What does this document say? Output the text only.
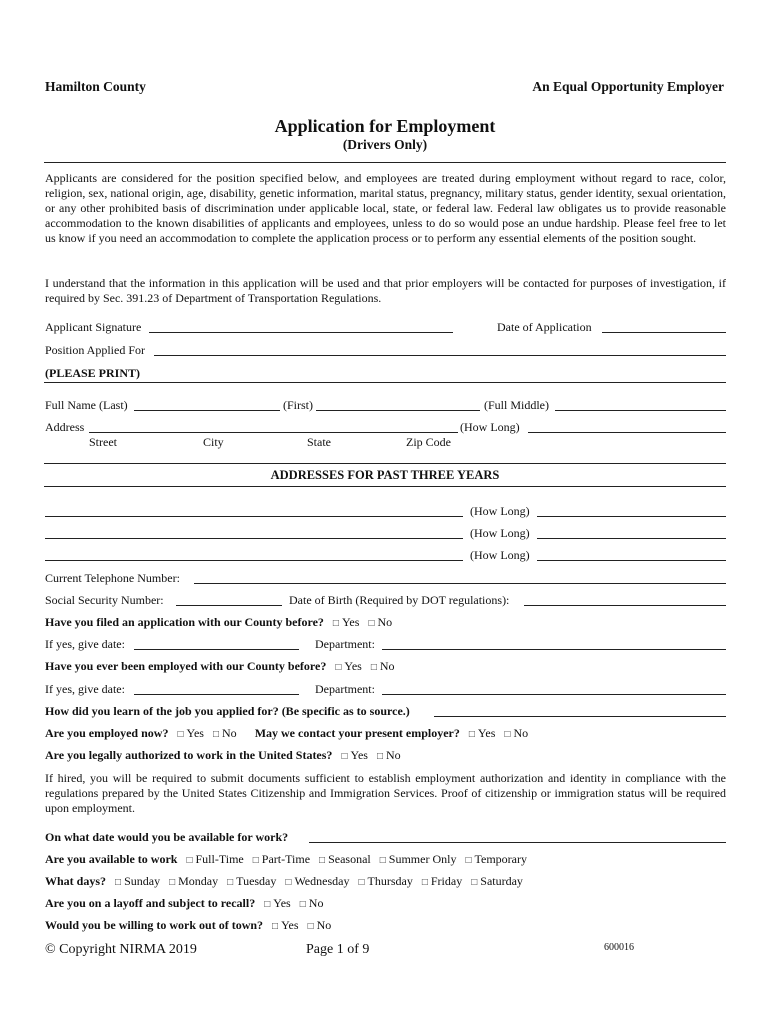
Hamilton County	An Equal Opportunity Employer
Application for Employment
(Drivers Only)
Applicants are considered for the position specified below, and employees are treated during employment without regard to race, color, religion, sex, national origin, age, disability, genetic information, marital status, pregnancy, military status, gender identity, sexual orientation, or any other prohibited basis of discrimination under applicable local, state, or federal law. Federal law obligates us to provide reasonable accommodation to the known disabilities of applicants and employees, unless to do so would pose an undue hardship. Please feel free to let us know if you need an accommodation to complete the application process or to perform any essential elements of the position sought.
I understand that the information in this application will be used and that prior employers will be contacted for purposes of investigation, if required by Sec. 391.23 of Department of Transportation Regulations.
Applicant Signature	Date of Application
Position Applied For
(PLEASE PRINT)
Full Name (Last)	(First)	(Full Middle)
Address	(How Long)
Street	City	State	Zip Code
ADDRESSES FOR PAST THREE YEARS
(How Long)
(How Long)
(How Long)
Current Telephone Number:
Social Security Number:	Date of Birth (Required by DOT regulations):
Have you filed an application with our County before? □ Yes □ No
If yes, give date:	Department:
Have you ever been employed with our County before? □ Yes □ No
If yes, give date:	Department:
How did you learn of the job you applied for? (Be specific as to source.)
Are you employed now? □ Yes □ No May we contact your present employer? □ Yes □ No
Are you legally authorized to work in the United States? □ Yes □ No
If hired, you will be required to submit documents sufficient to establish employment authorization and identity in compliance with the regulations prepared by the United States Citizenship and Immigration Services. Proof of citizenship or immigration status will be required upon employment.
On what date would you be available for work?
Are you available to work □ Full-Time □ Part-Time □ Seasonal □ Summer Only □ Temporary
What days? □ Sunday □ Monday □ Tuesday □ Wednesday □ Thursday □ Friday □ Saturday
Are you on a layoff and subject to recall? □ Yes □ No
Would you be willing to work out of town? □ Yes □ No
© Copyright NIRMA 2019	Page 1 of 9	600016
